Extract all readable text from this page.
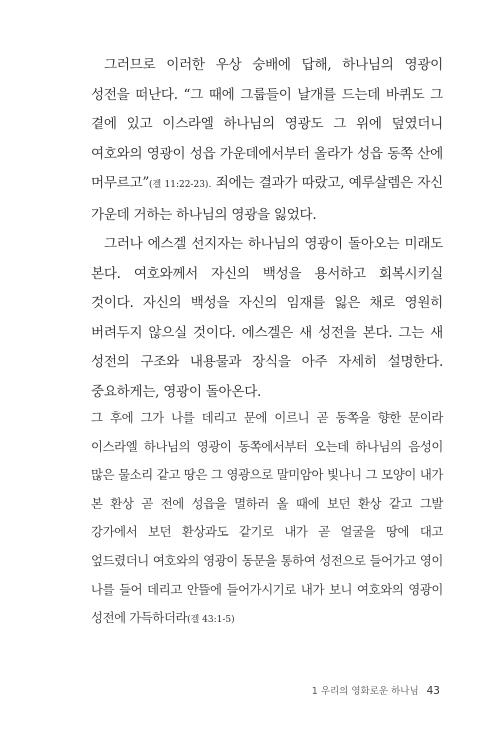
그러므로 이러한 우상 숭배에 답해, 하나님의 영광이 성전을 떠난다. “그 때에 그룹들이 날개를 드는데 바퀴도 그 곁에 있고 이스라엘 하나님의 영광도 그 위에 덮였더니 여호와의 영광이 성읍 가운데에서부터 올라가 성읍 동쪽 산에 머무르고”(겔 11:22-23). 죄에는 결과가 따랐고, 예루살렘은 자신 가운데 거하는 하나님의 영광을 잃었다.

그러나 에스겔 선지자는 하나님의 영광이 돌아오는 미래도 본다. 여호와께서 자신의 백성을 용서하고 회복시키실 것이다. 자신의 백성을 자신의 임재를 잃은 채로 영원히 버려두지 않으실 것이다. 에스겔은 새 성전을 본다. 그는 새 성전의 구조와 내용물과 장식을 아주 자세히 설명한다. 중요하게는, 영광이 돌아온다.

그 후에 그가 나를 데리고 문에 이르니 곧 동쪽을 향한 문이라 이스라엘 하나님의 영광이 동쪽에서부터 오는데 하나님의 음성이 많은 물소리 같고 땅은 그 영광으로 말미암아 빛나니 그 모양이 내가 본 환상 곧 전에 성읍을 멸하러 올 때에 보던 환상 같고 그발 강가에서 보던 환상과도 같기로 내가 곧 얼굴을 땅에 대고 엎드렸더니 여호와의 영광이 동문을 통하여 성전으로 들어가고 영이 나를 들어 데리고 안뜰에 들어가시기로 내가 보니 여호와의 영광이 성전에 가득하더라(겔 43:1-5)

1 우리의 영화로운 하나님 43
